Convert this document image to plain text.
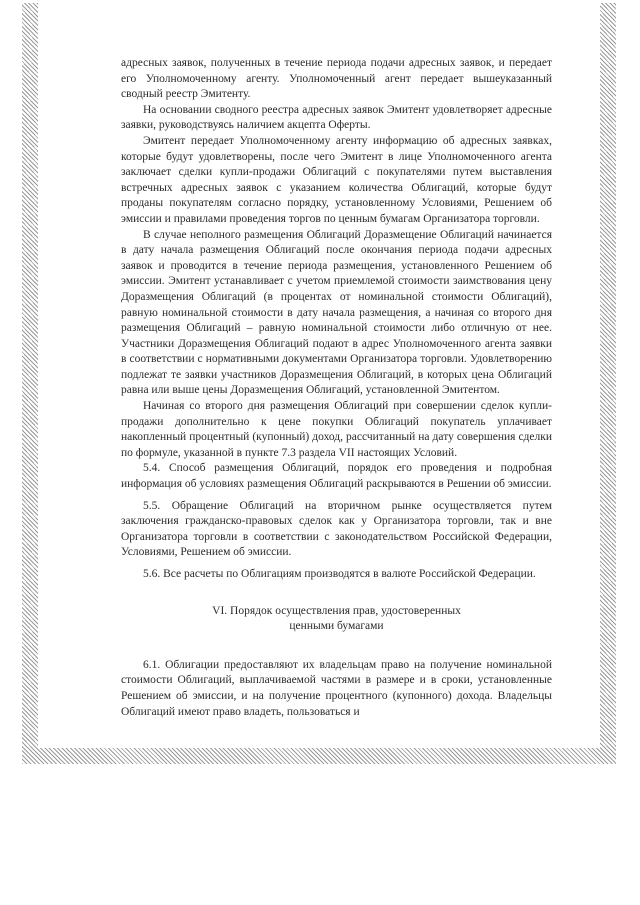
адресных заявок, полученных в течение периода подачи адресных заявок, и передает его Уполномоченному агенту. Уполномоченный агент передает вышеуказанный сводный реестр Эмитенту.

На основании сводного реестра адресных заявок Эмитент удовлетворяет адресные заявки, руководствуясь наличием акцепта Оферты.

Эмитент передает Уполномоченному агенту информацию об адресных заявках, которые будут удовлетворены, после чего Эмитент в лице Уполномоченного агента заключает сделки купли-продажи Облигаций с покупателями путем выставления встречных адресных заявок с указанием количества Облигаций, которые будут проданы покупателям согласно порядку, установленному Условиями, Решением об эмиссии и правилами проведения торгов по ценным бумагам Организатора торговли.

В случае неполного размещения Облигаций Доразмещение Облигаций начинается в дату начала размещения Облигаций после окончания периода подачи адресных заявок и проводится в течение периода размещения, установленного Решением об эмиссии. Эмитент устанавливает с учетом приемлемой стоимости заимствования цену Доразмещения Облигаций (в процентах от номинальной стоимости Облигаций), равную номинальной стоимости в дату начала размещения, а начиная со второго дня размещения Облигаций – равную номинальной стоимости либо отличную от нее. Участники Доразмещения Облигаций подают в адрес Уполномоченного агента заявки в соответствии с нормативными документами Организатора торговли. Удовлетворению подлежат те заявки участников Доразмещения Облигаций, в которых цена Облигаций равна или выше цены Доразмещения Облигаций, установленной Эмитентом.

Начиная со второго дня размещения Облигаций при совершении сделок купли-продажи дополнительно к цене покупки Облигаций покупатель уплачивает накопленный процентный (купонный) доход, рассчитанный на дату совершения сделки по формуле, указанной в пункте 7.3 раздела VII настоящих Условий.

5.4. Способ размещения Облигаций, порядок его проведения и подробная информация об условиях размещения Облигаций раскрываются в Решении об эмиссии.

5.5. Обращение Облигаций на вторичном рынке осуществляется путем заключения гражданско-правовых сделок как у Организатора торговли, так и вне Организатора торговли в соответствии с законодательством Российской Федерации, Условиями, Решением об эмиссии.

5.6. Все расчеты по Облигациям производятся в валюте Российской Федерации.

VI. Порядок осуществления прав, удостоверенных
ценными бумагами

6.1. Облигации предоставляют их владельцам право на получение номинальной стоимости Облигаций, выплачиваемой частями в размере и в сроки, установленные Решением об эмиссии, и на получение процентного (купонного) дохода. Владельцы Облигаций имеют право владеть, пользоваться и
